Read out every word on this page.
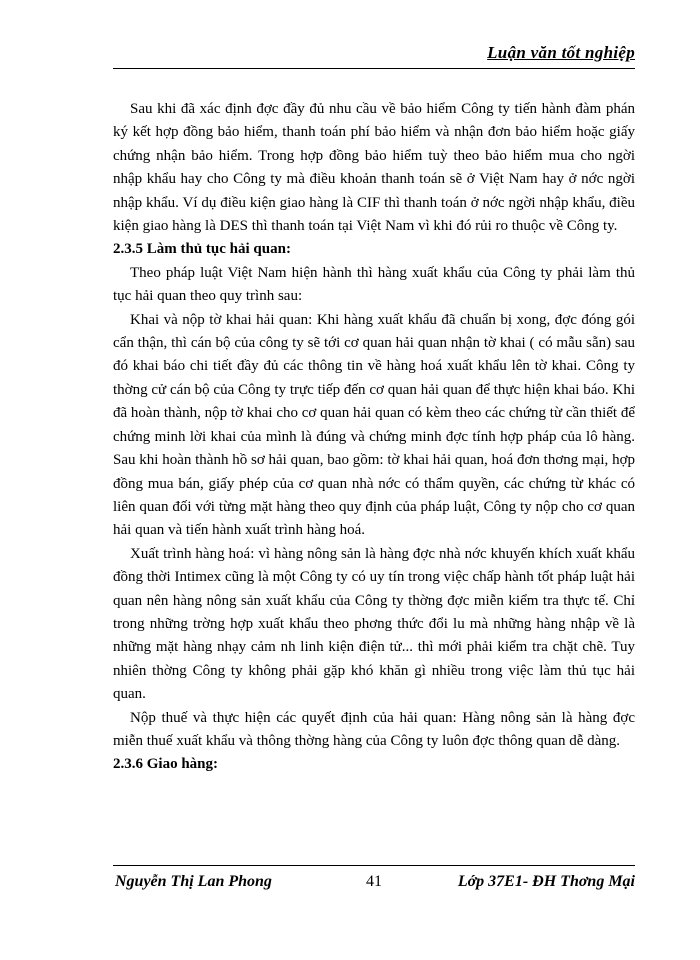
Luận văn tốt nghiệp

Sau khi đã xác định đợc đầy đủ nhu cầu về bảo hiểm Công ty tiến hành đàm phán ký kết hợp đồng bảo hiểm, thanh toán phí bảo hiểm và nhận đơn bảo hiểm hoặc giấy chứng nhận bảo hiểm. Trong hợp đồng bảo hiểm tuỳ theo bảo hiểm mua cho ngời nhập khẩu hay cho Công ty mà điều khoản thanh toán sẽ ở Việt Nam hay ở nớc ngời nhập khẩu. Ví dụ điều kiện giao hàng là CIF thì thanh toán ở nớc ngời nhập khẩu, điều kiện giao hàng là DES thì thanh toán tại Việt Nam vì khi đó rủi ro thuộc về Công ty.

2.3.5 Làm thủ tục hải quan:

Theo pháp luật Việt Nam hiện hành thì hàng xuất khẩu của Công ty phải làm thủ tục hải quan theo quy trình sau:

Khai và nộp tờ khai hải quan: Khi hàng xuất khẩu đã chuẩn bị xong, đợc đóng gói cẩn thận, thì cán bộ của công ty sẽ tới cơ quan hải quan nhận tờ khai ( có mẫu sẵn) sau đó khai báo chi tiết đầy đủ các thông tin về hàng hoá xuất khẩu lên tờ khai. Công ty thờng cử cán bộ của Công ty trực tiếp đến cơ quan hải quan để thực hiện khai báo. Khi đã hoàn thành, nộp tờ khai cho cơ quan hải quan có kèm theo các chứng từ cần thiết để chứng minh lời khai của mình là đúng và chứng minh đợc tính hợp pháp của lô hàng. Sau khi hoàn thành hồ sơ hải quan, bao gồm: tờ khai hải quan, hoá đơn thơng mại, hợp đồng mua bán, giấy phép của cơ quan nhà nớc có thẩm quyền, các chứng từ khác có liên quan đối với từng mặt hàng theo quy định của pháp luật, Công ty nộp cho cơ quan hải quan và tiến hành xuất trình hàng hoá.

Xuất trình hàng hoá: vì hàng nông sản là hàng đợc nhà nớc khuyến khích xuất khẩu đồng thời Intimex cũng là một Công ty có uy tín trong việc chấp hành tốt pháp luật hải quan nên hàng nông sản xuất khẩu của Công ty thờng đợc miễn kiểm tra thực tế. Chỉ trong những trờng hợp xuất khẩu theo phơng thức đổi lu mà những hàng nhập về là những mặt hàng nhạy cảm nh linh kiện điện tử... thì mới phải kiểm tra chặt chẽ. Tuy nhiên thờng Công ty không phải gặp khó khăn gì nhiều trong việc làm thủ tục hải quan.

Nộp thuế và thực hiện các quyết định của hải quan: Hàng nông sản là hàng đợc miễn thuế xuất khẩu và thông thờng hàng của Công ty luôn đợc thông quan dễ dàng.

2.3.6 Giao hàng:
Nguyễn Thị Lan Phong	41	Lớp 37E1- ĐH Thơng Mại
